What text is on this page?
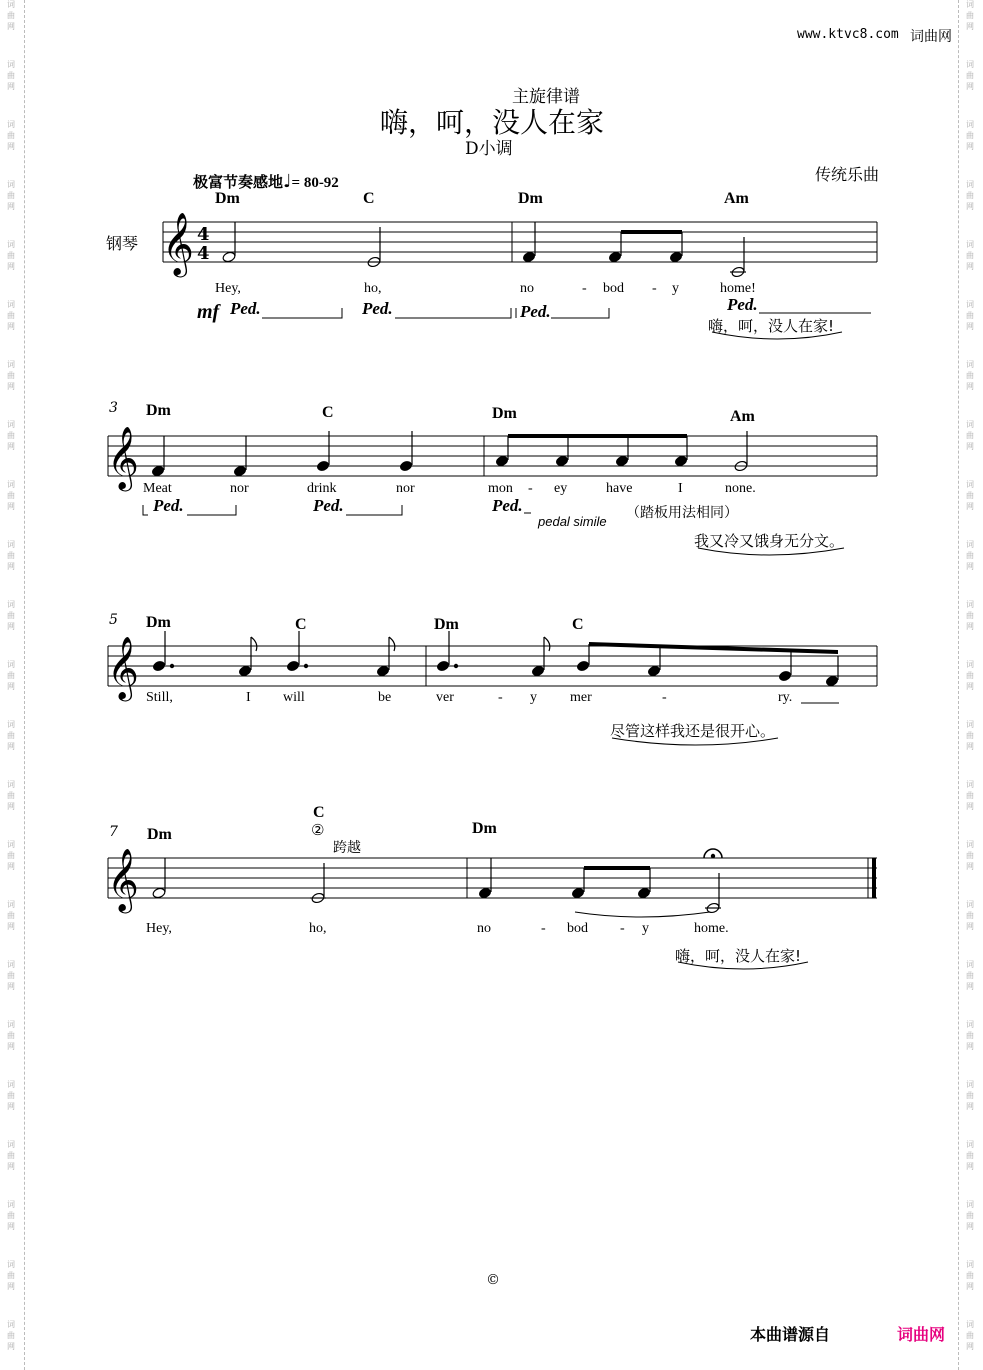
词
曲
网
词
曲
网
词
曲
网
词
曲
网
词
曲
网
词
曲
网
词
曲
网
词
曲
网
词
曲
网
词
曲
网
词
曲
网
词
曲
网
词
曲
网
词
曲
网
词
曲
网
词
曲
网
词
曲
网
词
曲
网
词
曲
网
词
曲
网
词
曲
网
词
曲
网
词
曲
网
词
曲
网
词
曲
网
词
曲
网
词
曲
网
词
曲
网
词
曲
网
词
曲
网
词
曲
网
词
曲
网
词
曲
网
词
曲
网
词
曲
网
词
曲
网
词
曲
网
词
曲
网
词
曲
网
词
曲
网
词
曲
网
词
曲
网
词
曲
网
词
曲
网
词
曲
网
词
曲
网
www.ktvc8.com 词曲网
主旋律谱
嗨，呵，没人在家
D小调
传统乐曲
极富节奏感地♩= 80-92
钢琴 𝄞
𝄞
𝄞
𝄞
4
4
Dm	C	Dm	Am
Hey,	ho,	no	- bod - y	home!
mf Ped.	Ped.	Ped.	Ped.
嗨，呵，没人在家!
3 Dm	C	Dm	Am
Meat	nor	drink	nor	mon - ey	have	I	none.
Ped.	Ped.	Ped.
pedal simile
（踏板用法相同）
我又冷又饿身无分文。
5 Dm	C	Dm	C
Still,	I will	be	ver	- y mer	-	ry.
尽管这样我还是很开心。
7 Dm
C
Dm
②
跨越
Hey,	ho,	no	- bod - y	home.
嗨，呵，没人在家!
©
本曲谱源自	词曲网
